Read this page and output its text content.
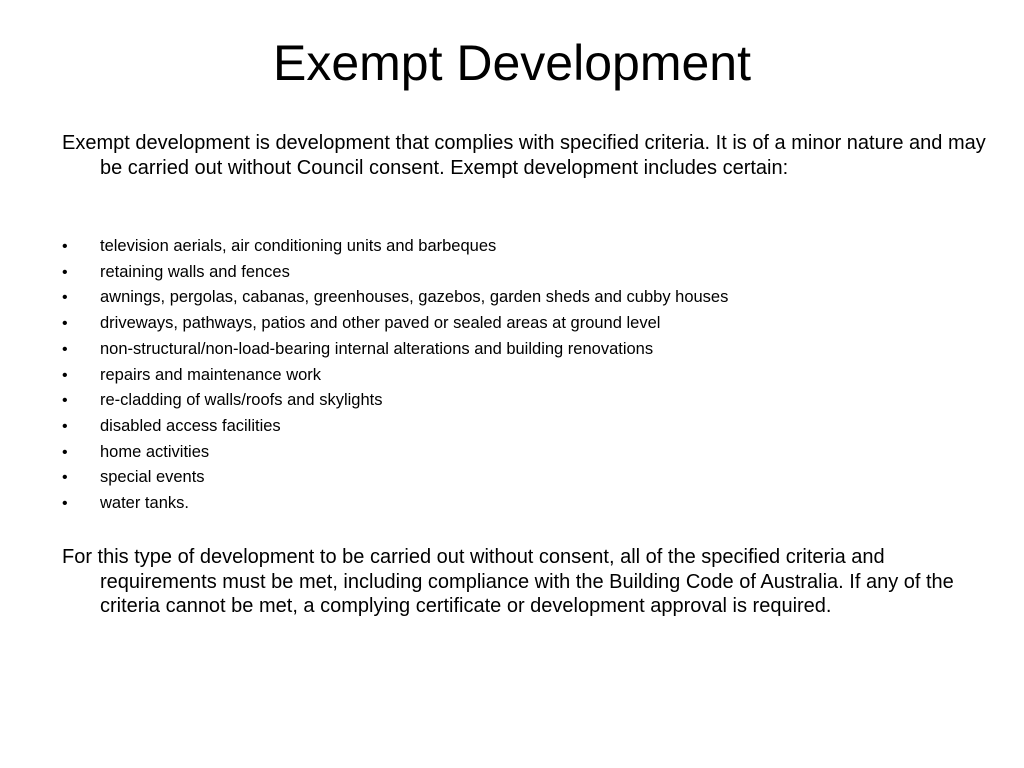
Exempt Development

Exempt development is development that complies with specified criteria. It is of a minor nature and may be carried out without Council consent. Exempt development includes certain:

•	television aerials, air conditioning units and barbeques
•	retaining walls and fences
•	awnings, pergolas, cabanas, greenhouses, gazebos, garden sheds and cubby houses
•	driveways, pathways, patios and other paved or sealed areas at ground level
•	non-structural/non-load-bearing internal alterations and building renovations
•	repairs and maintenance work
•	re-cladding of walls/roofs and skylights
•	disabled access facilities
•	home activities
•	special events
•	water tanks.

For this type of development to be carried out without consent, all of the specified criteria and requirements must be met, including compliance with the Building Code of Australia. If any of the criteria cannot be met, a complying certificate or development approval is required.
